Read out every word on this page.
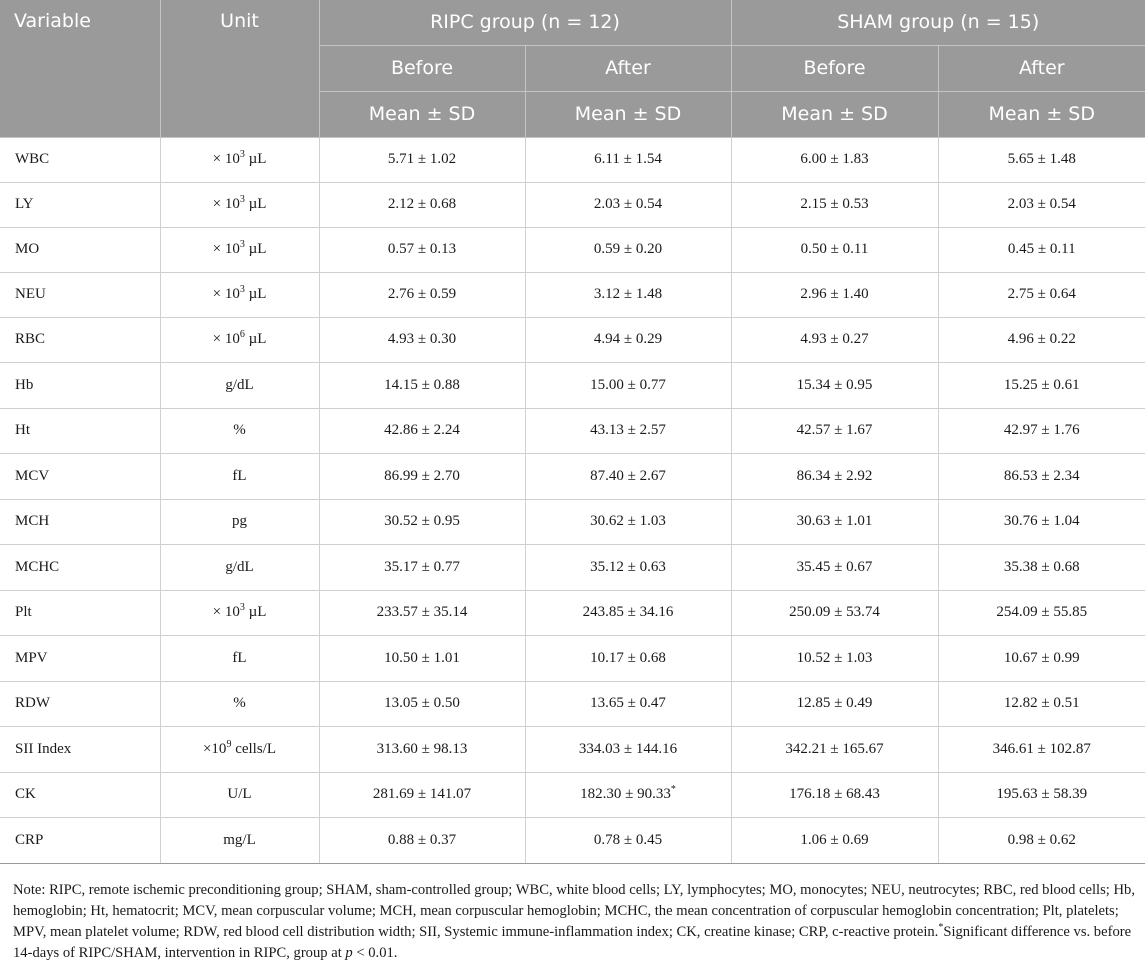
Variable	Unit	RIPC group (n = 12)		SHAM group (n = 15)	
		Before	After	Before	After
		Mean ± SD	Mean ± SD	Mean ± SD	Mean ± SD
WBC	× $10^3$ µL	5.71 ± 1.02	6.11 ± 1.54	6.00 ± 1.83	5.65 ± 1.48
LY	× $10^3$ µL	2.12 ± 0.68	2.03 ± 0.54	2.15 ± 0.53	2.03 ± 0.54
MO	× $10^3$ µL	0.57 ± 0.13	0.59 ± 0.20	0.50 ± 0.11	0.45 ± 0.11
NEU	× $10^3$ µL	2.76 ± 0.59	3.12 ± 1.48	2.96 ± 1.40	2.75 ± 0.64
RBC	× $10^6$ µL	4.93 ± 0.30	4.94 ± 0.29	4.93 ± 0.27	4.96 ± 0.22
Hb	g/dL	14.15 ± 0.88	15.00 ± 0.77	15.34 ± 0.95	15.25 ± 0.61
Ht	%	42.86 ± 2.24	43.13 ± 2.57	42.57 ± 1.67	42.97 ± 1.76
MCV	fL	86.99 ± 2.70	87.40 ± 2.67	86.34 ± 2.92	86.53 ± 2.34
MCH	pg	30.52 ± 0.95	30.62 ± 1.03	30.63 ± 1.01	30.76 ± 1.04
MCHC	g/dL	35.17 ± 0.77	35.12 ± 0.63	35.45 ± 0.67	35.38 ± 0.68
Plt	× $10^3$ µL	233.57 ± 35.14	243.85 ± 34.16	250.09 ± 53.74	254.09 ± 55.85
MPV	fL	10.50 ± 1.01	10.17 ± 0.68	10.52 ± 1.03	10.67 ± 0.99
RDW	%	13.05 ± 0.50	13.65 ± 0.47	12.85 ± 0.49	12.82 ± 0.51
SII Index	$\times 10^9$ cells/L	313.60 ± 98.13	334.03 ± 144.16	342.21 ± 165.67	346.61 ± 102.87
CK	U/L	281.69 ± 141.07	182.30 ± 90.33*	176.18 ± 68.43	195.63 ± 58.39
CRP	mg/L	0.88 ± 0.37	0.78 ± 0.45	1.06 ± 0.69	0.98 ± 0.62

Note: RIPC, remote ischemic preconditioning group; SHAM, sham-controlled group; WBC, white blood cells; LY, lymphocytes; MO, monocytes; NEU, neutrocytes; RBC, red blood cells; Hb, hemoglobin; Ht, hematocrit; MCV, mean corpuscular volume; MCH, mean corpuscular hemoglobin; MCHC, the mean concentration of corpuscular hemoglobin concentration; Plt, platelets; MPV, mean platelet volume; RDW, red blood cell distribution width; SII, Systemic immune-inflammation index; CK, creatine kinase; CRP, c-reactive protein.*Significant difference vs. before 14-days of RIPC/SHAM, intervention in RIPC, group at p < 0.01.
